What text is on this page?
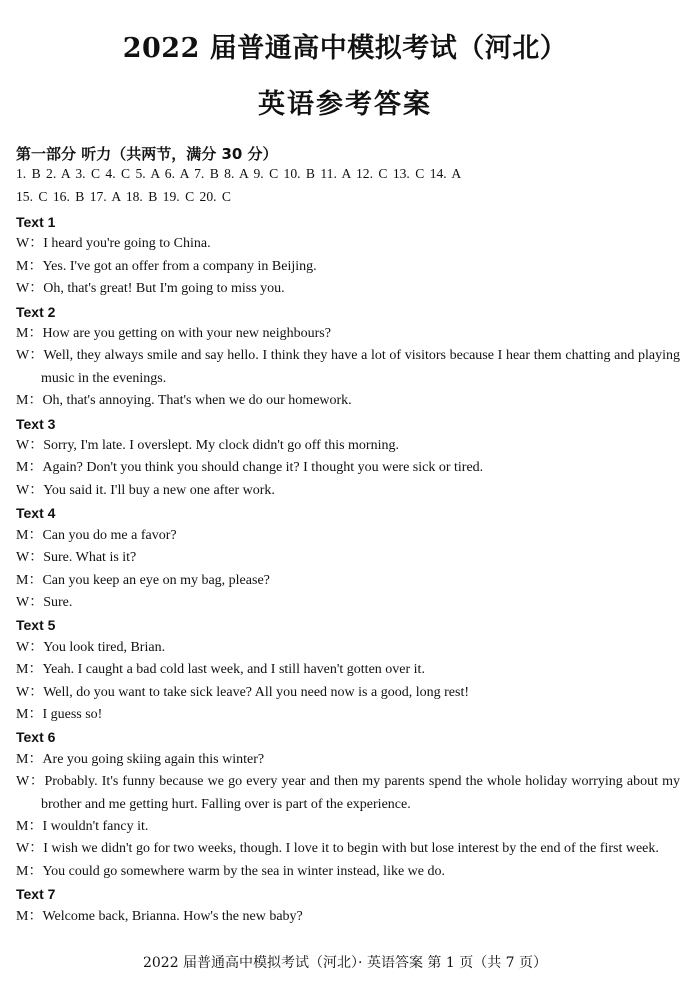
2022 届普通高中模拟考试（河北）
英语参考答案
第一部分 听力（共两节，满分 30 分）
1. B 2. A 3. C 4. C 5. A 6. A 7. B 8. A 9. C 10. B 11. A 12. C 13. C 14. A
15. C 16. B 17. A 18. B 19. C 20. C
Text 1
W：I heard you're going to China.
M：Yes. I've got an offer from a company in Beijing.
W：Oh, that's great! But I'm going to miss you.
Text 2
M：How are you getting on with your new neighbours?
W：Well, they always smile and say hello. I think they have a lot of visitors because I hear them chatting and playing music in the evenings.
M：Oh, that's annoying. That's when we do our homework.
Text 3
W：Sorry, I'm late. I overslept. My clock didn't go off this morning.
M：Again? Don't you think you should change it? I thought you were sick or tired.
W：You said it. I'll buy a new one after work.
Text 4
M：Can you do me a favor?
W：Sure. What is it?
M：Can you keep an eye on my bag, please?
W：Sure.
Text 5
W：You look tired, Brian.
M：Yeah. I caught a bad cold last week, and I still haven't gotten over it.
W：Well, do you want to take sick leave? All you need now is a good, long rest!
M：I guess so!
Text 6
M：Are you going skiing again this winter?
W：Probably. It's funny because we go every year and then my parents spend the whole holiday worrying about my brother and me getting hurt. Falling over is part of the experience.
M：I wouldn't fancy it.
W：I wish we didn't go for two weeks, though. I love it to begin with but lose interest by the end of the first week.
M：You could go somewhere warm by the sea in winter instead, like we do.
Text 7
M：Welcome back, Brianna. How's the new baby?
2022 届普通高中模拟考试（河北）· 英语答案 第 1 页（共 7 页）
